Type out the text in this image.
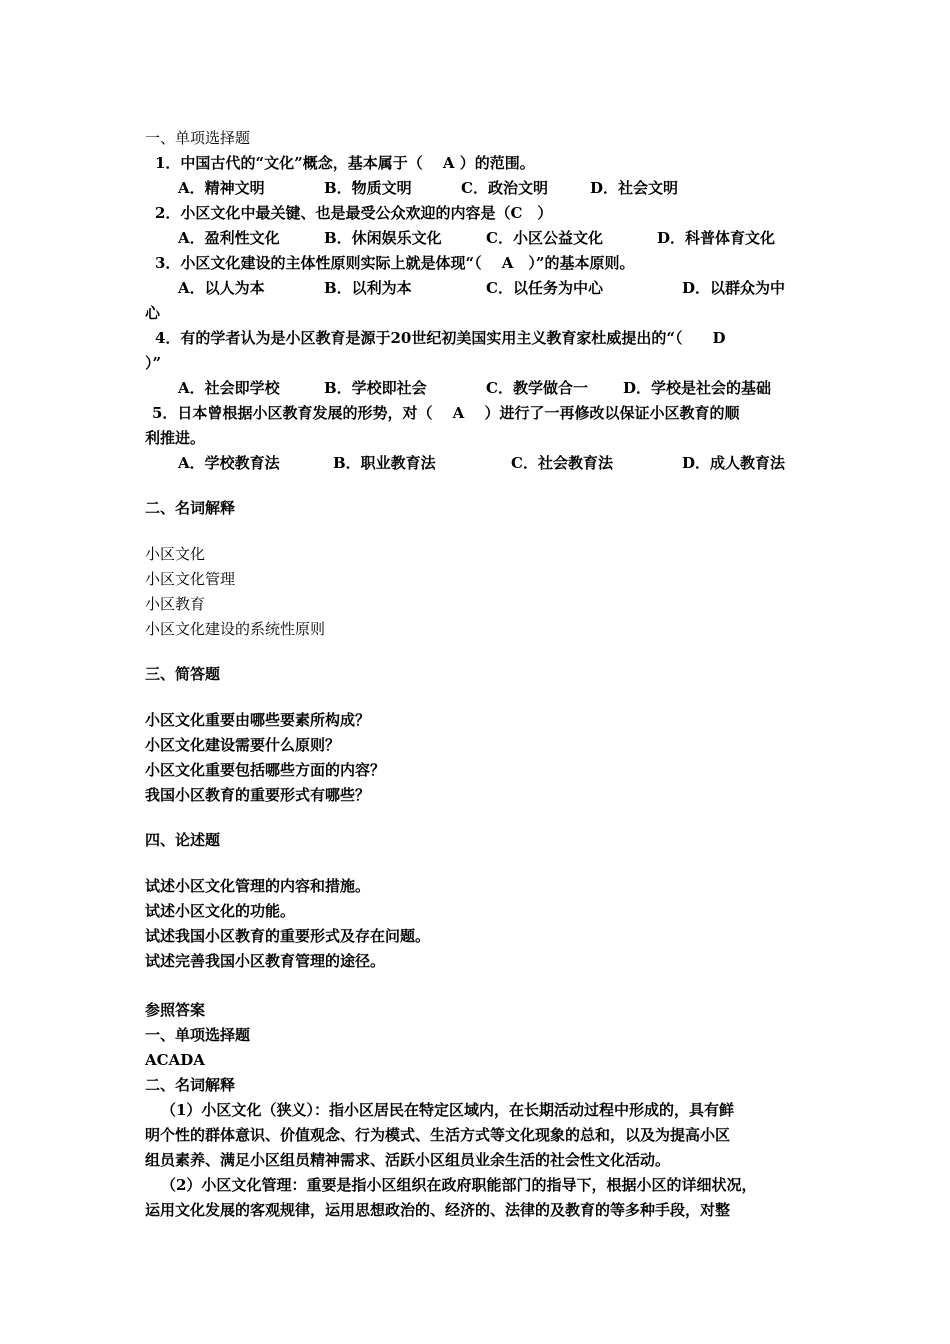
一、单项选择题
1．中国古代的“文化”概念，基本属于（　 A ）的范围。
A．精神文明	B．物质文明	C．政治文明	D．社会文明
2．小区文化中最关键、也是最受公众欢迎的内容是（C　）
A．盈利性文化	B．休闲娱乐文化	C．小区公益文化	D．科普体育文化
3．小区文化建设的主体性原则实际上就是体现“（　 A　）”的基本原则。
A．以人为本	B．以利为本	C．以任务为中心	D．以群众为中
心
4．有的学者认为是小区教育是源于20世纪初美国实用主义教育家杜威提出的“（　　D
）”
A．社会即学校	B．学校即社会	C．教学做合一 D．学校是社会的基础
5．日本曾根据小区教育发展的形势，对（　 A　 ）进行了一再修改以保证小区教育的顺
利推进。
A．学校教育法	B．职业教育法	C．社会教育法	D．成人教育法
二、名词解释
小区文化
小区文化管理
小区教育
小区文化建设的系统性原则
三、简答题
小区文化重要由哪些要素所构成？
小区文化建设需要什么原则？
小区文化重要包括哪些方面的内容？
我国小区教育的重要形式有哪些？
四、论述题
试述小区文化管理的内容和措施。
试述小区文化的功能。
试述我国小区教育的重要形式及存在问题。
试述完善我国小区教育管理的途径。
参照答案
一、单项选择题
ACADA
二、名词解释
（1）小区文化（狭义）：指小区居民在特定区域内，在长期活动过程中形成的，具有鲜
明个性的群体意识、价值观念、行为模式、生活方式等文化现象的总和，以及为提高小区
组员素养、满足小区组员精神需求、活跃小区组员业余生活的社会性文化活动。
（2）小区文化管理：重要是指小区组织在政府职能部门的指导下，根据小区的详细状况，
运用文化发展的客观规律，运用思想政治的、经济的、法律的及教育的等多种手段，对整
